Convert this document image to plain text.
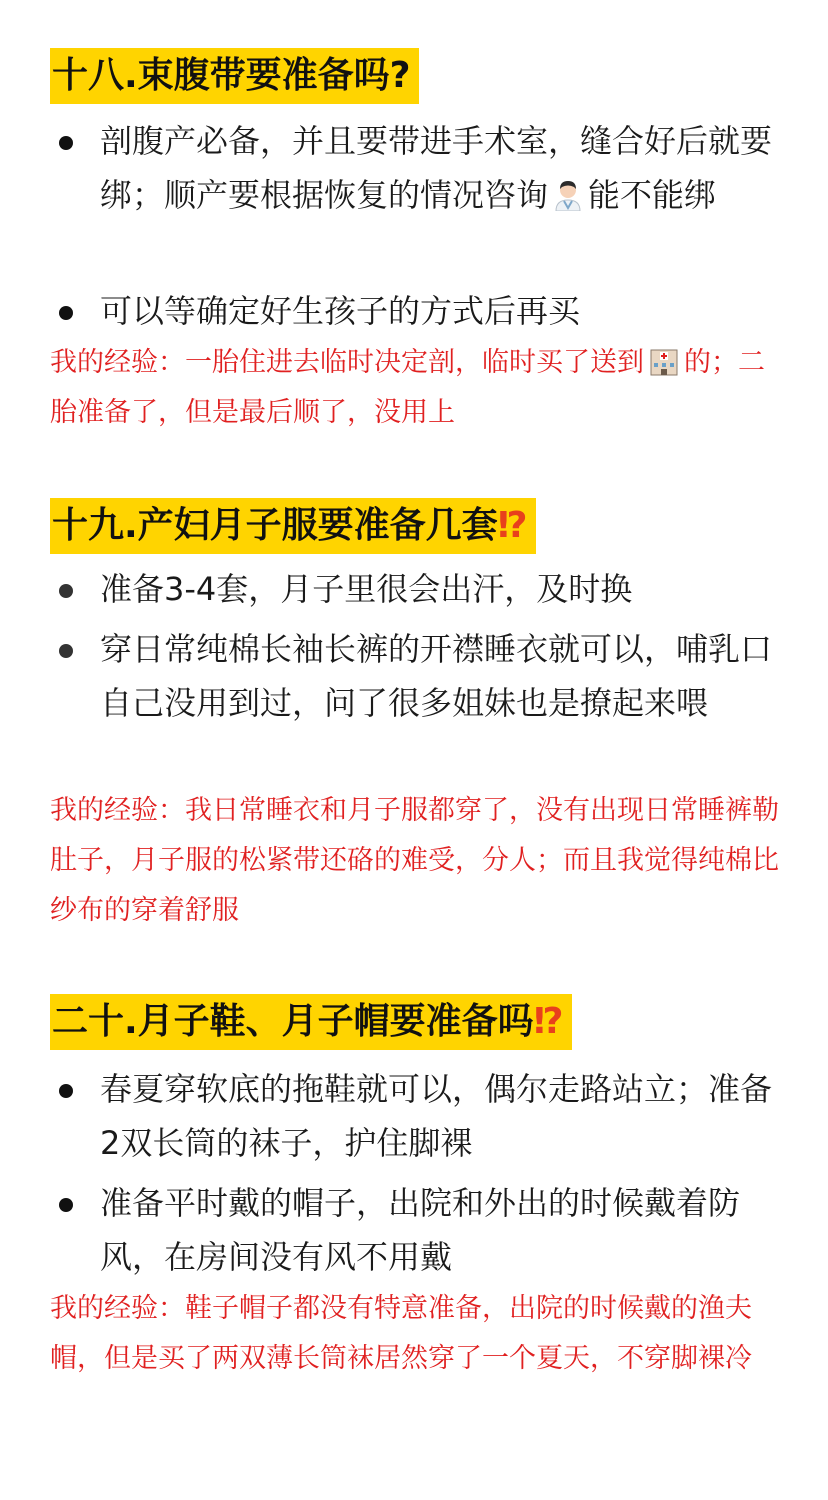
十八.束腹带要准备吗?
剖腹产必备，并且要带进手术室，缝合好后就要绑；顺产要根据恢复的情况咨询 能不能绑
可以等确定好生孩子的方式后再买
我的经验：一胎住进去临时决定剖，临时买了送到 的；二胎准备了，但是最后顺了，没用上
十九.产妇月子服要准备几套⁉
准备3-4套，月子里很会出汗，及时换
穿日常纯棉长袖长裤的开襟睡衣就可以，哺乳口自己没用到过，问了很多姐妹也是撩起来喂
我的经验：我日常睡衣和月子服都穿了，没有出现日常睡裤勒肚子，月子服的松紧带还硌的难受，分人；而且我觉得纯棉比纱布的穿着舒服
二十.月子鞋、月子帽要准备吗⁉
春夏穿软底的拖鞋就可以，偶尔走路站立；准备2双长筒的袜子，护住脚裸
准备平时戴的帽子，出院和外出的时候戴着防风，在房间没有风不用戴
我的经验：鞋子帽子都没有特意准备，出院的时候戴的渔夫帽，但是买了两双薄长筒袜居然穿了一个夏天，不穿脚裸冷
